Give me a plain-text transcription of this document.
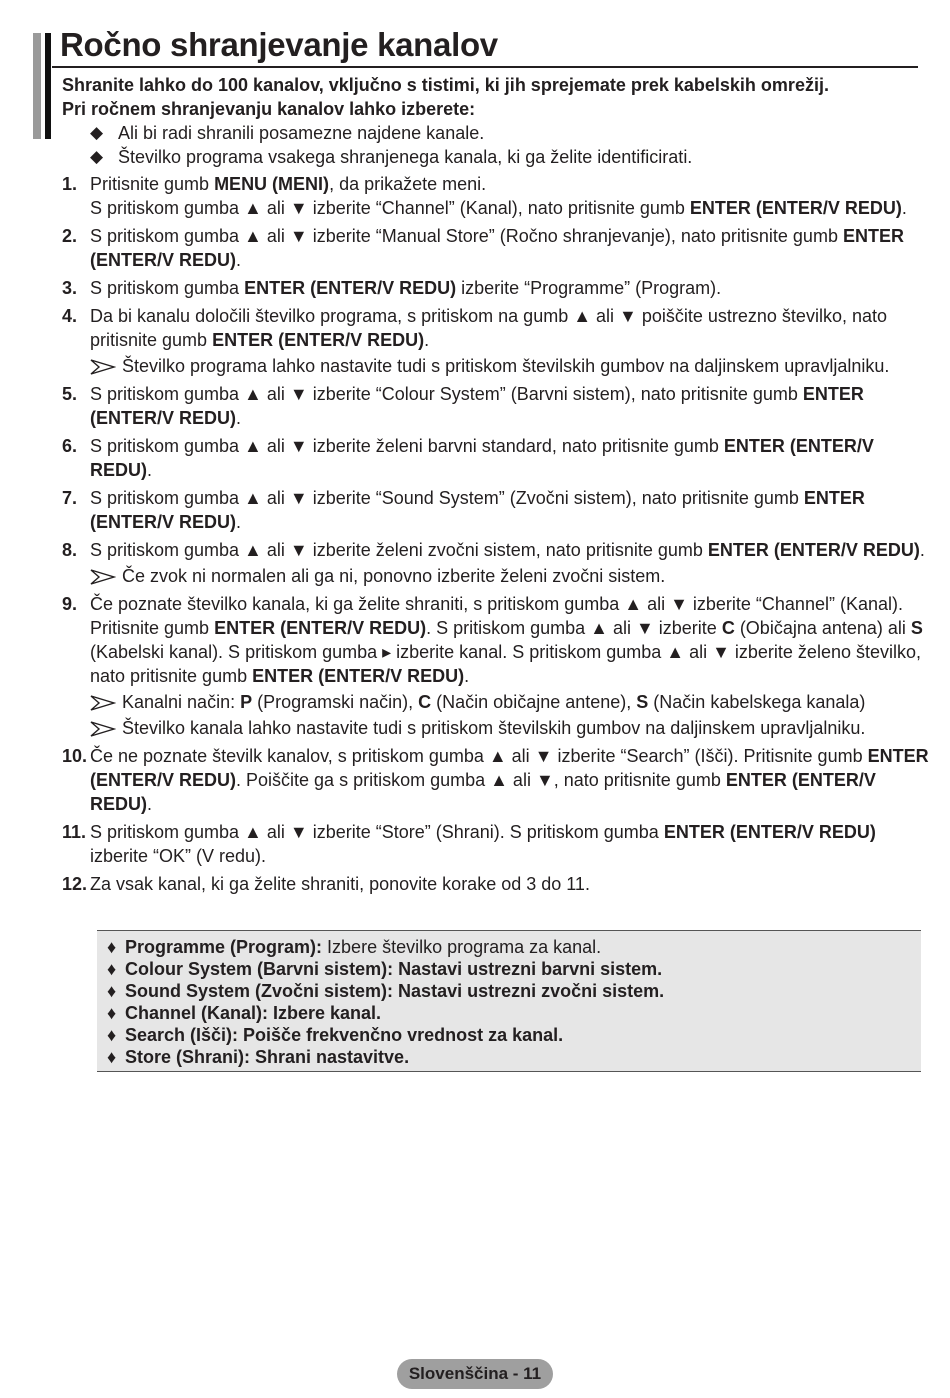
Ročno shranjevanje kanalov
Shranite lahko do 100 kanalov, vključno s tistimi, ki jih sprejemate prek kabelskih omrežij.
Pri ročnem shranjevanju kanalov lahko izberete:
◆ Ali bi radi shranili posamezne najdene kanale.
◆ Številko programa vsakega shranjenega kanala, ki ga želite identificirati.
1. Pritisnite gumb MENU (MENI), da prikažete meni.
S pritiskom gumba ▲ ali ▼ izberite “Channel” (Kanal), nato pritisnite gumb ENTER (ENTER/V REDU).
2. S pritiskom gumba ▲ ali ▼ izberite “Manual Store” (Ročno shranjevanje), nato pritisnite gumb ENTER (ENTER/V REDU).
3. S pritiskom gumba ENTER (ENTER/V REDU) izberite “Programme” (Program).
4. Da bi kanalu določili številko programa, s pritiskom na gumb ▲ ali ▼ poiščite ustrezno številko, nato pritisnite gumb ENTER (ENTER/V REDU).
Številko programa lahko nastavite tudi s pritiskom številskih gumbov na daljinskem upravljalniku.
5. S pritiskom gumba ▲ ali ▼ izberite “Colour System” (Barvni sistem), nato pritisnite gumb ENTER (ENTER/V REDU).
6. S pritiskom gumba ▲ ali ▼ izberite želeni barvni standard, nato pritisnite gumb ENTER (ENTER/V REDU).
7. S pritiskom gumba ▲ ali ▼ izberite “Sound System” (Zvočni sistem), nato pritisnite gumb ENTER (ENTER/V REDU).
8. S pritiskom gumba ▲ ali ▼ izberite želeni zvočni sistem, nato pritisnite gumb ENTER (ENTER/V REDU).
Če zvok ni normalen ali ga ni, ponovno izberite želeni zvočni sistem.
9. Če poznate številko kanala, ki ga želite shraniti, s pritiskom gumba ▲ ali ▼ izberite “Channel” (Kanal). Pritisnite gumb ENTER (ENTER/V REDU). S pritiskom gumba ▲ ali ▼ izberite C (Običajna antena) ali S (Kabelski kanal). S pritiskom gumba ▸ izberite kanal. S pritiskom gumba ▲ ali ▼ izberite želeno številko, nato pritisnite gumb ENTER (ENTER/V REDU).
Kanalni način: P (Programski način), C (Način običajne antene), S (Način kabelskega kanala)
Številko kanala lahko nastavite tudi s pritiskom številskih gumbov na daljinskem upravljalniku.
10. Če ne poznate številk kanalov, s pritiskom gumba ▲ ali ▼ izberite “Search” (Išči). Pritisnite gumb ENTER (ENTER/V REDU). Poiščite ga s pritiskom gumba ▲ ali ▼, nato pritisnite gumb ENTER (ENTER/V REDU).
11. S pritiskom gumba ▲ ali ▼ izberite “Store” (Shrani). S pritiskom gumba ENTER (ENTER/V REDU) izberite “OK” (V redu).
12. Za vsak kanal, ki ga želite shraniti, ponovite korake od 3 do 11.
♦ Programme (Program): Izbere številko programa za kanal.
♦ Colour System (Barvni sistem): Nastavi ustrezni barvni sistem.
♦ Sound System (Zvočni sistem): Nastavi ustrezni zvočni sistem.
♦ Channel (Kanal): Izbere kanal.
♦ Search (Išči): Poišče frekvenčno vrednost za kanal.
♦ Store (Shrani): Shrani nastavitve.
Slovenščina - 11
